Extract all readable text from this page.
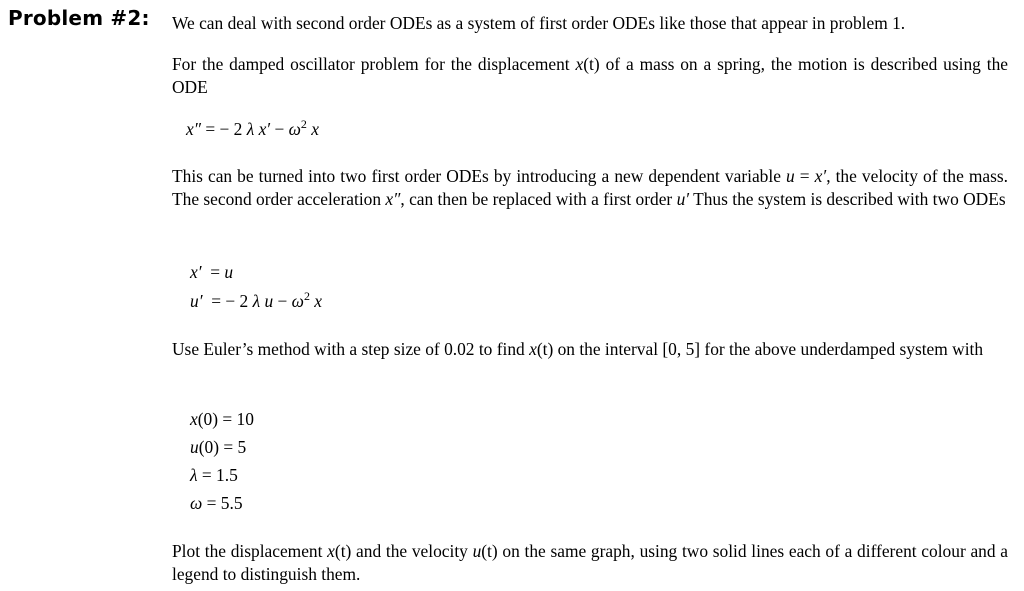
Problem #2: We can deal with second order ODEs as a system of first order ODEs like those that appear in problem 1.
For the damped oscillator problem for the displacement x(t) of a mass on a spring, the motion is described using the ODE
x″ = − 2 λ $x' - \omega^2$ x
This can be turned into two first order ODEs by introducing a new dependent variable u = x′, the velocity of the mass. The second order acceleration x″, can then be replaced with a first order u′ Thus the system is described with two ODEs
x′ = u
u′ = − 2 λ $u - \omega^2$ x
Use Euler’s method with a step size of 0.02 to find x(t) on the interval [0, 5] for the above underdamped system with
x(0) = 10
u(0) = 5
λ = 1.5
ω = 5.5
Plot the displacement x(t) and the velocity u(t) on the same graph, using two solid lines each of a different colour and a legend to distinguish them.
